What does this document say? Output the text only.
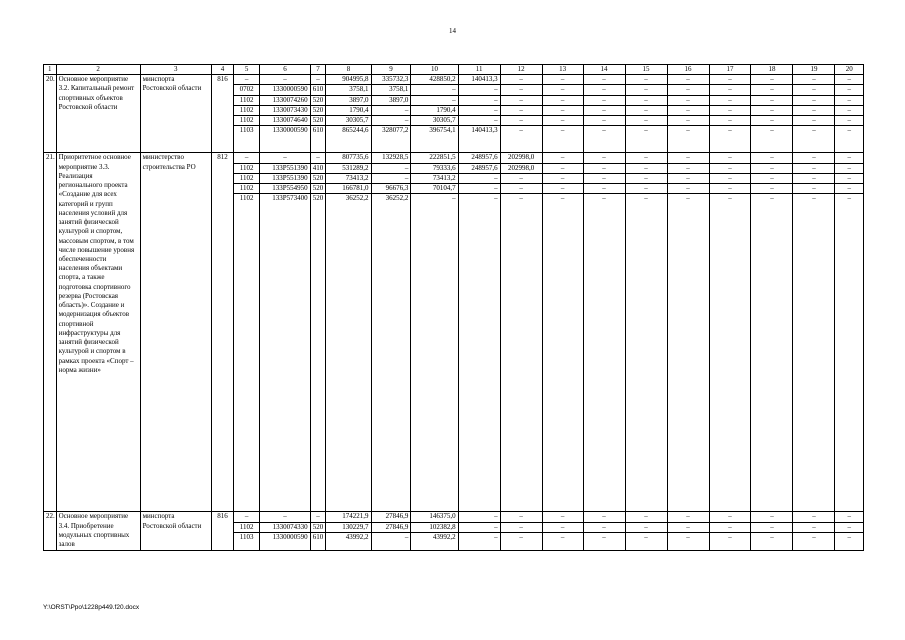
14
1	2	3	4	5	6	7	8	9	10	11	12	13	14	15	16	17	18	19	20
20.	Основное мероприятие 3.2. Капитальный ремонт спортивных объектов Ростовской области	минспорта Ростовской области	816	–	–	–	904995,8	335732,3	428850,2	140413,3	–	–	–	–	–	–	–	–	–
				0702	1330000590	610	3758,1	3758,1	–	–	–	–	–	–	–	–	–	–	–
				1102	1330074260	520	3897,0	3897,0	–	–	–	–	–	–	–	–	–	–	–
				1102	1330073430	520	1790,4	–	1790,4	–	–	–	–	–	–	–	–	–	–
				1102	1330074640	520	30305,7	–	30305,7	–	–	–	–	–	–	–	–	–	–
				1103	1330000590	610	865244,6	328077,2	396754,1	140413,3	–	–	–	–	–	–	–	–	–
21.	Приоритетное основное мероприятие 3.3. Реализация регионального проекта «Создание для всех категорий и групп населения условий для занятий физической культурой и спортом, массовым спортом, в том числе повышение уровня обеспеченности населения объектами спорта, а также подготовка спортивного резерва (Ростовская область)». Создание и модернизация объектов спортивной инфраструктуры для занятий физической культурой и спортом в рамках проекта «Спорт – норма жизни»	министерство строительства РО	812	–	–	–	807735,6	132928,5	222851,5	248957,6	202998,0	–	–	–	–	–	–	–	–
				1102	133P551390	410	531289,2	–	79333,6	248957,6	202998,0	–	–	–	–	–	–	–	–
				1102	133P551390	520	73413,2	–	73413,2	–	–	–	–	–	–	–	–	–	–
				1102	133P554950	520	166781,0	96676,3	70104,7	–	–	–	–	–	–	–	–	–	–
				1102	133P573400	520	36252,2	36252,2	–	–	–	–	–	–	–	–	–	–	–
22.	Основное мероприятие 3.4. Приобретение модульных спортивных залов	минспорта Ростовской области	816	–	–	–	174221,9	27846,9	146375,0	–	–	–	–	–	–	–	–	–	–
				1102	1330074330	520	130229,7	27846,9	102382,8	–	–	–	–	–	–	–	–	–	–
				1103	1330000590	610	43992,2	–	43992,2	–	–	–	–	–	–	–	–	–	–
Y:\ORST\Ppo\1228p449.f20.docx
